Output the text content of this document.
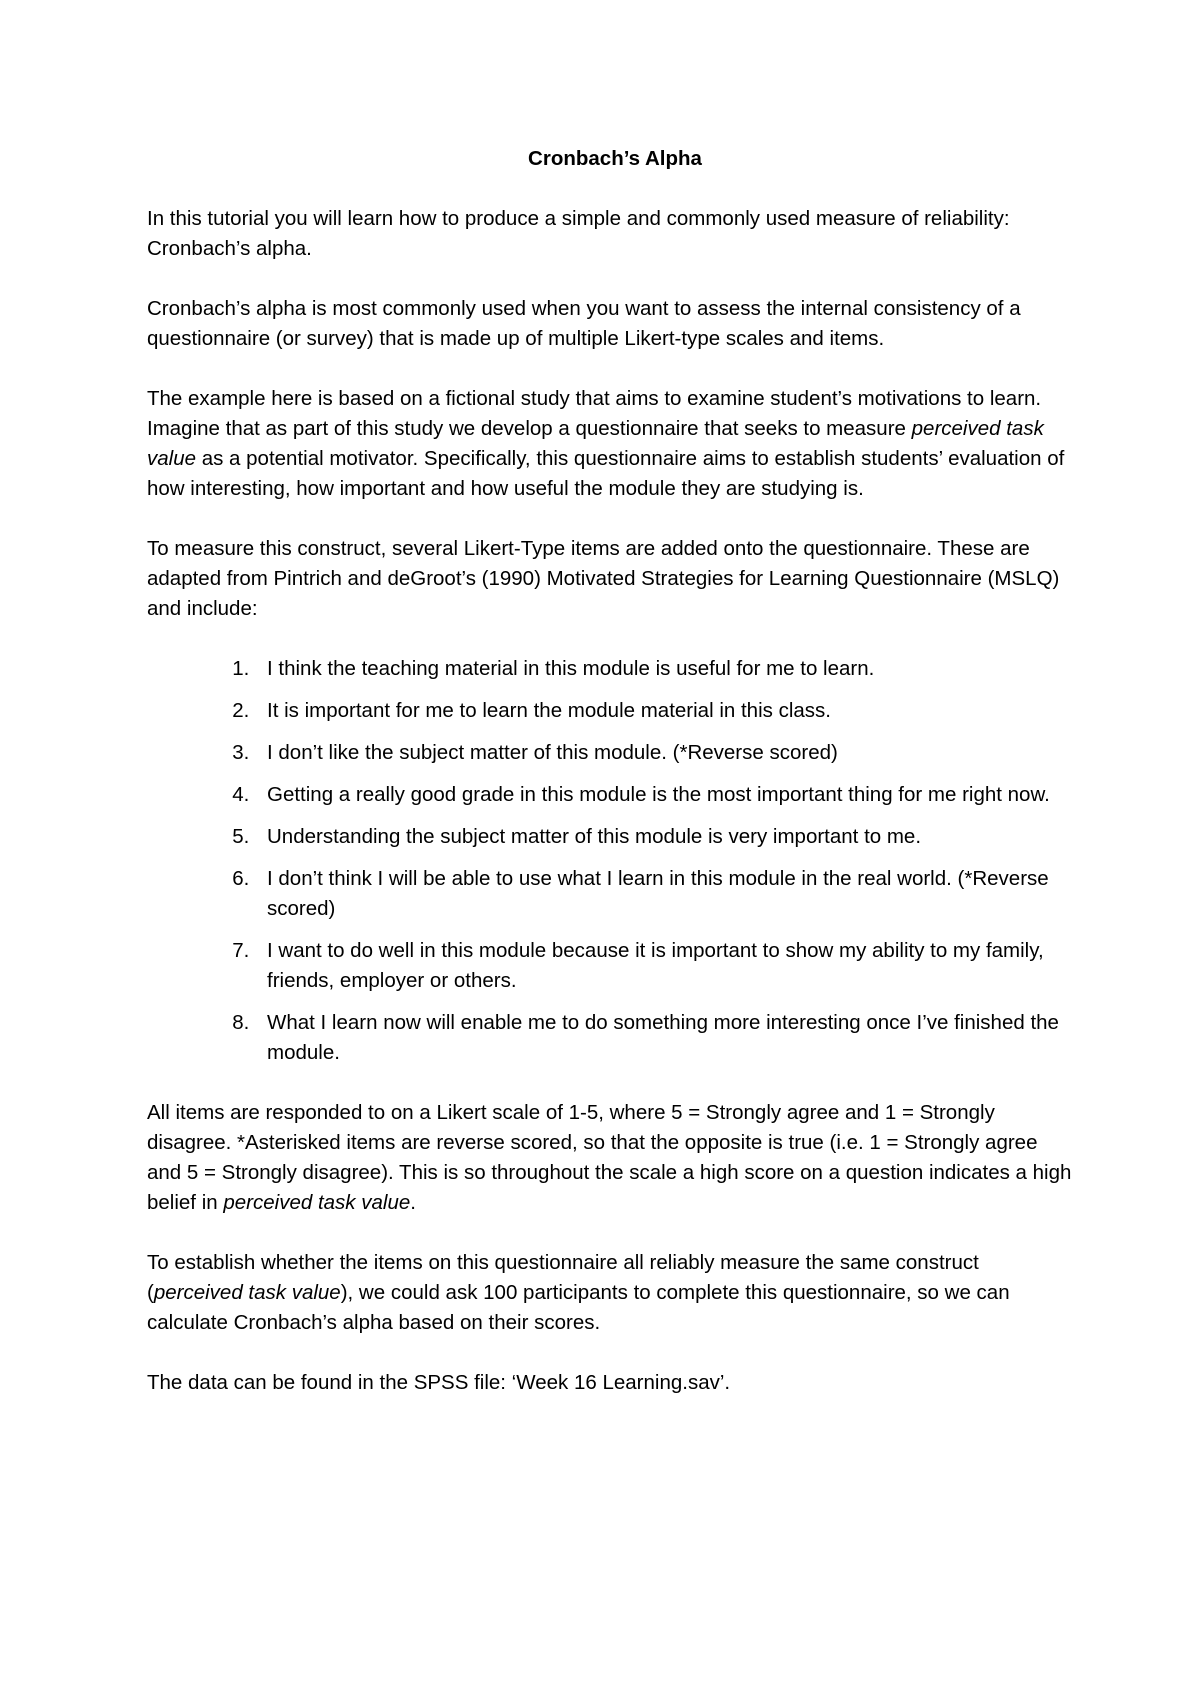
Cronbach’s Alpha

In this tutorial you will learn how to produce a simple and commonly used measure of reliability: Cronbach’s alpha.

Cronbach’s alpha is most commonly used when you want to assess the internal consistency of a questionnaire (or survey) that is made up of multiple Likert-type scales and items.

The example here is based on a fictional study that aims to examine student’s motivations to learn. Imagine that as part of this study we develop a questionnaire that seeks to measure perceived task value as a potential motivator. Specifically, this questionnaire aims to establish students’ evaluation of how interesting, how important and how useful the module they are studying is.

To measure this construct, several Likert-Type items are added onto the questionnaire. These are adapted from Pintrich and deGroot’s (1990) Motivated Strategies for Learning Questionnaire (MSLQ) and include:

1. I think the teaching material in this module is useful for me to learn.
2. It is important for me to learn the module material in this class.
3. I don’t like the subject matter of this module. (*Reverse scored)
4. Getting a really good grade in this module is the most important thing for me right now.
5. Understanding the subject matter of this module is very important to me.
6. I don’t think I will be able to use what I learn in this module in the real world. (*Reverse scored)
7. I want to do well in this module because it is important to show my ability to my family, friends, employer or others.
8. What I learn now will enable me to do something more interesting once I’ve finished the module.

All items are responded to on a Likert scale of 1-5, where 5 = Strongly agree and 1 = Strongly disagree. *Asterisked items are reverse scored, so that the opposite is true (i.e. 1 = Strongly agree and 5 = Strongly disagree). This is so throughout the scale a high score on a question indicates a high belief in perceived task value.

To establish whether the items on this questionnaire all reliably measure the same construct (perceived task value), we could ask 100 participants to complete this questionnaire, so we can calculate Cronbach’s alpha based on their scores.

The data can be found in the SPSS file: ‘Week 16 Learning.sav’.
